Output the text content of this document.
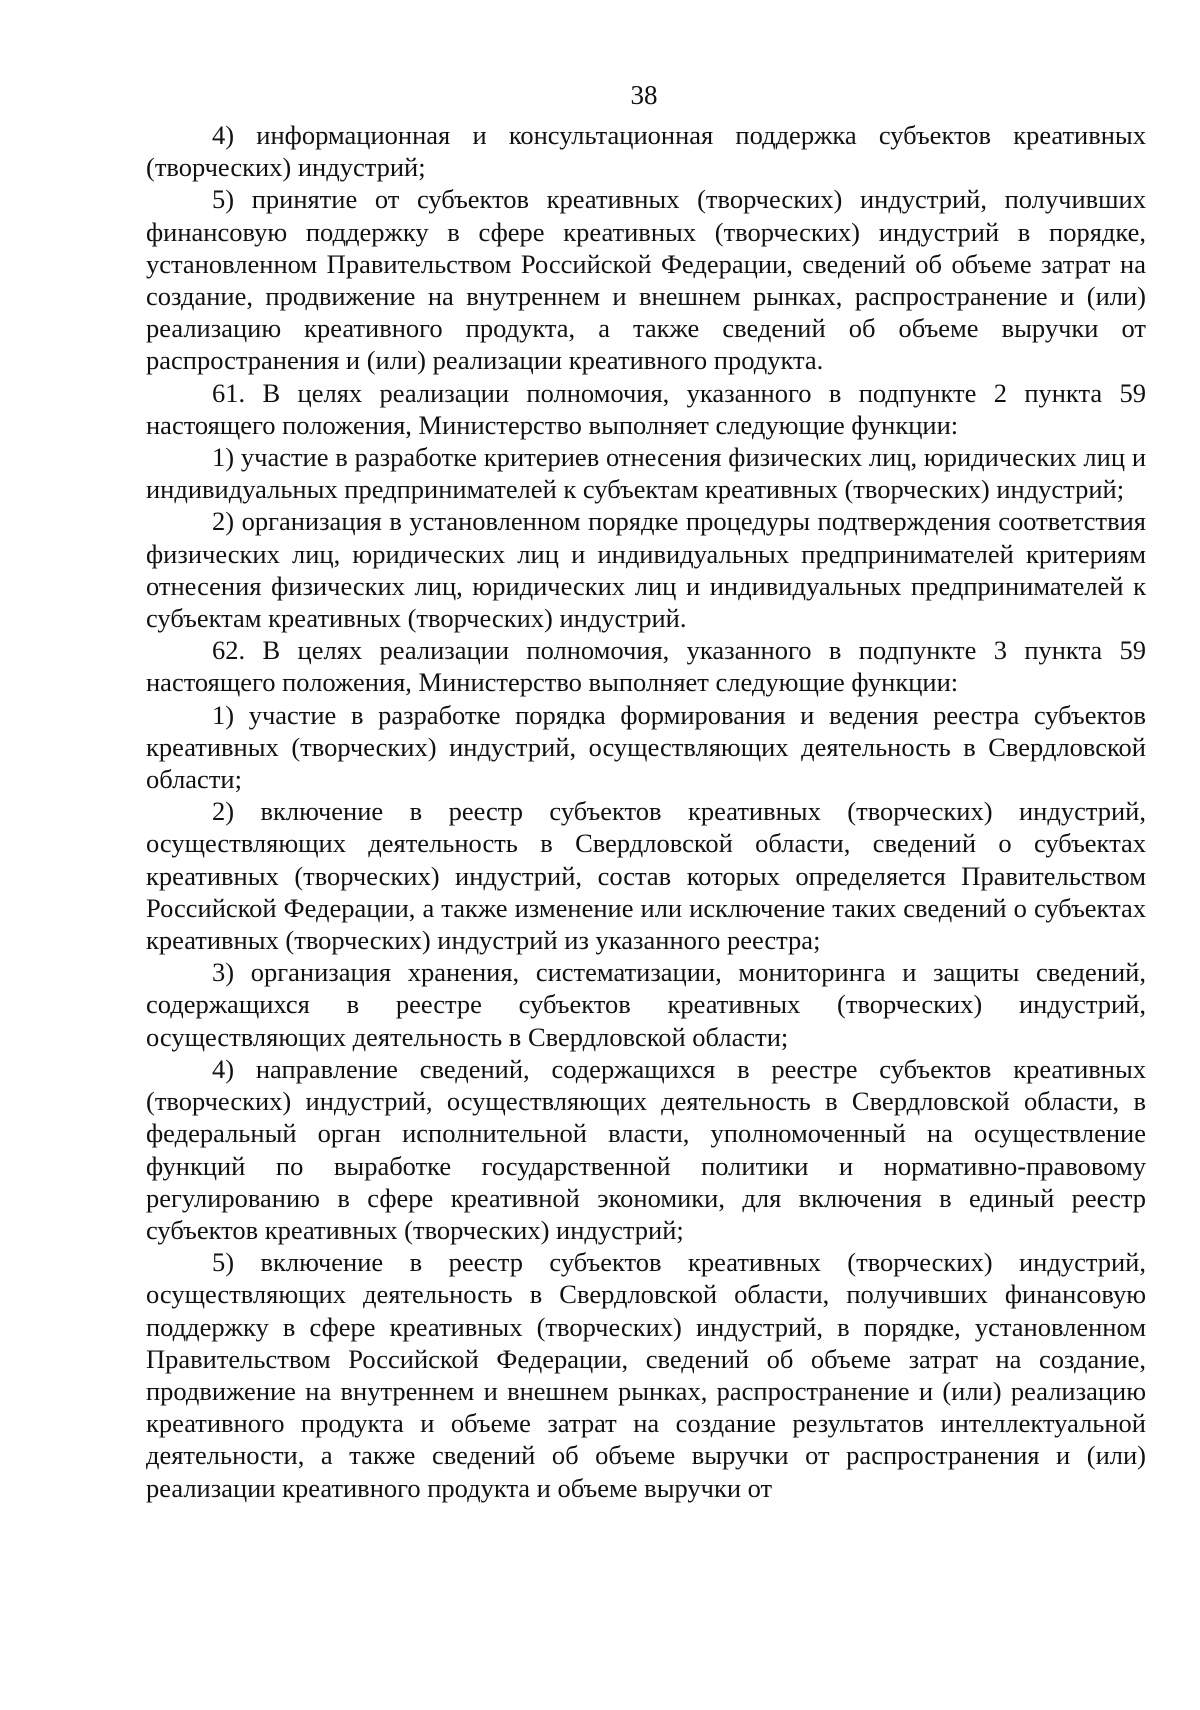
38

4) информационная и консультационная поддержка субъектов креативных (творческих) индустрий;

5) принятие от субъектов креативных (творческих) индустрий, получивших финансовую поддержку в сфере креативных (творческих) индустрий в порядке, установленном Правительством Российской Федерации, сведений об объеме затрат на создание, продвижение на внутреннем и внешнем рынках, распространение и (или) реализацию креативного продукта, а также сведений об объеме выручки от распространения и (или) реализации креативного продукта.

61. В целях реализации полномочия, указанного в подпункте 2 пункта 59 настоящего положения, Министерство выполняет следующие функции:

1) участие в разработке критериев отнесения физических лиц, юридических лиц и индивидуальных предпринимателей к субъектам креативных (творческих) индустрий;

2) организация в установленном порядке процедуры подтверждения соответствия физических лиц, юридических лиц и индивидуальных предпринимателей критериям отнесения физических лиц, юридических лиц и индивидуальных предпринимателей к субъектам креативных (творческих) индустрий.

62. В целях реализации полномочия, указанного в подпункте 3 пункта 59 настоящего положения, Министерство выполняет следующие функции:

1) участие в разработке порядка формирования и ведения реестра субъектов креативных (творческих) индустрий, осуществляющих деятельность в Свердловской области;

2) включение в реестр субъектов креативных (творческих) индустрий, осуществляющих деятельность в Свердловской области, сведений о субъектах креативных (творческих) индустрий, состав которых определяется Правительством Российской Федерации, а также изменение или исключение таких сведений о субъектах креативных (творческих) индустрий из указанного реестра;

3) организация хранения, систематизации, мониторинга и защиты сведений, содержащихся в реестре субъектов креативных (творческих) индустрий, осуществляющих деятельность в Свердловской области;

4) направление сведений, содержащихся в реестре субъектов креативных (творческих) индустрий, осуществляющих деятельность в Свердловской области, в федеральный орган исполнительной власти, уполномоченный на осуществление функций по выработке государственной политики и нормативно-правовому регулированию в сфере креативной экономики, для включения в единый реестр субъектов креативных (творческих) индустрий;

5) включение в реестр субъектов креативных (творческих) индустрий, осуществляющих деятельность в Свердловской области, получивших финансовую поддержку в сфере креативных (творческих) индустрий, в порядке, установленном Правительством Российской Федерации, сведений об объеме затрат на создание, продвижение на внутреннем и внешнем рынках, распространение и (или) реализацию креативного продукта и объеме затрат на создание результатов интеллектуальной деятельности, а также сведений об объеме выручки от распространения и (или) реализации креативного продукта и объеме выручки от
